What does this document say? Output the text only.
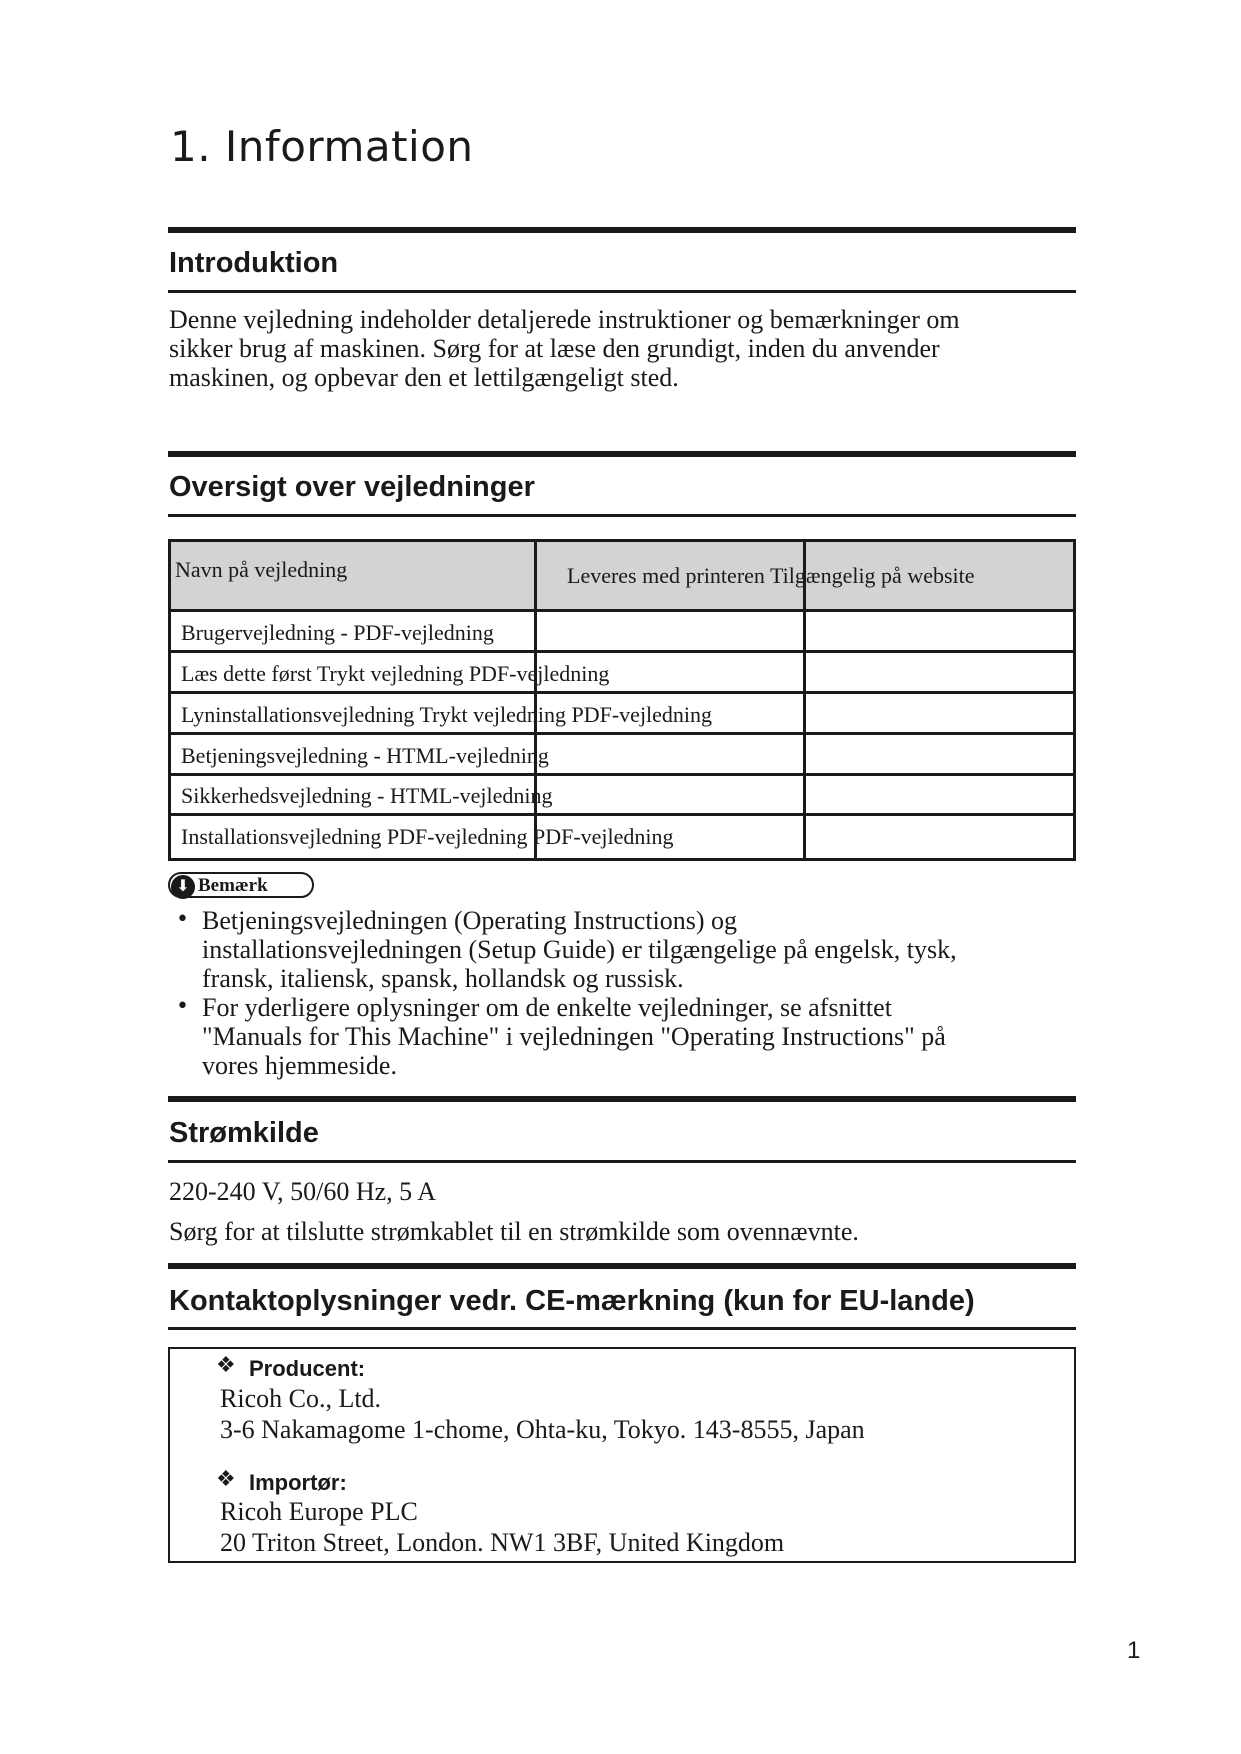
1. Information
Introduktion
Denne vejledning indeholder detaljerede instruktioner og bemærkninger om
sikker brug af maskinen. Sørg for at læse den grundigt, inden du anvender
maskinen, og opbevar den et lettilgængeligt sted.
Oversigt over vejledninger
Navn på vejledning	Leveres med printeren Tilgængelig på website
Brugervejledning - PDF-vejledning
Læs dette først Trykt vejledning PDF-vejledning
Lyninstallationsvejledning Trykt vejledning PDF-vejledning
Betjeningsvejledning - HTML-vejledning
Sikkerhedsvejledning - HTML-vejledning
Installationsvejledning PDF-vejledning PDF-vejledning
⬇ Bemærk
• Betjeningsvejledningen (Operating Instructions) og
installationsvejledningen (Setup Guide) er tilgængelige på engelsk, tysk,
fransk, italiensk, spansk, hollandsk og russisk.
• For yderligere oplysninger om de enkelte vejledninger, se afsnittet
"Manuals for This Machine" i vejledningen "Operating Instructions" på
vores hjemmeside.
Strømkilde
220-240 V, 50/60 Hz, 5 A
Sørg for at tilslutte strømkablet til en strømkilde som ovennævnte.
Kontaktoplysninger vedr. CE-mærkning (kun for EU-lande)
❖ Producent:
Ricoh Co., Ltd.
3-6 Nakamagome 1-chome, Ohta-ku, Tokyo. 143-8555, Japan
❖ Importør:
Ricoh Europe PLC
20 Triton Street, London. NW1 3BF, United Kingdom
1
